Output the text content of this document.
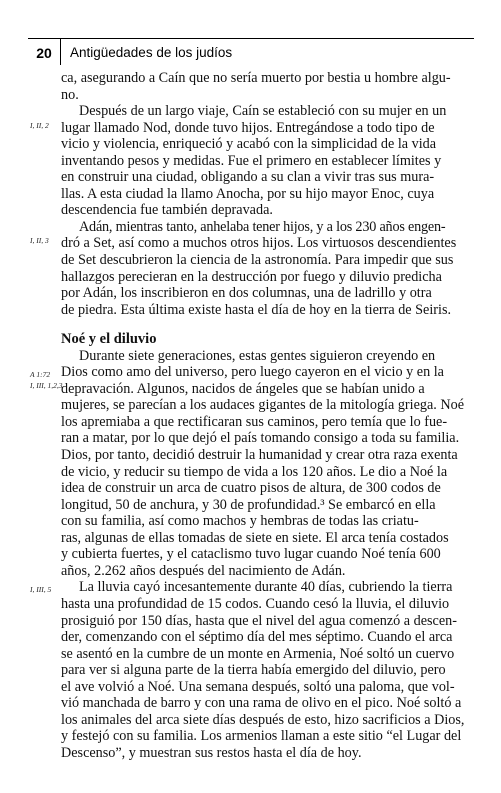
20	Antigüedades de los judíos
I, II, 2
I, II, 3
A 1:72
I, III, 1,2,3
I, III, 5
ca, asegurando a Caín que no sería muerto por bestia u hombre algu-
no.
Después de un largo viaje, Caín se estableció con su mujer en un
lugar llamado Nod, donde tuvo hijos. Entregándose a todo tipo de
vicio y violencia, enriqueció y acabó con la simplicidad de la vida
inventando pesos y medidas. Fue el primero en establecer límites y
en construir una ciudad, obligando a su clan a vivir tras sus mura-
llas. A esta ciudad la llamo Anocha, por su hijo mayor Enoc, cuya
descendencia fue también depravada.
Adán, mientras tanto, anhelaba tener hijos, y a los 230 años engen-
dró a Set, así como a muchos otros hijos. Los virtuosos descendientes
de Set descubrieron la ciencia de la astronomía. Para impedir que sus
hallazgos perecieran en la destrucción por fuego y diluvio predicha
por Adán, los inscribieron en dos columnas, una de ladrillo y otra
de piedra. Esta última existe hasta el día de hoy en la tierra de Seiris.
Noé y el diluvio
Durante siete generaciones, estas gentes siguieron creyendo en
Dios como amo del universo, pero luego cayeron en el vicio y en la
depravación. Algunos, nacidos de ángeles que se habían unido a
mujeres, se parecían a los audaces gigantes de la mitología griega. Noé
los apremiaba a que rectificaran sus caminos, pero temía que lo fue-
ran a matar, por lo que dejó el país tomando consigo a toda su familia.
Dios, por tanto, decidió destruir la humanidad y crear otra raza exenta
de vicio, y reducir su tiempo de vida a los 120 años. Le dio a Noé la
idea de construir un arca de cuatro pisos de altura, de 300 codos de
longitud, 50 de anchura, y 30 de profundidad.³ Se embarcó en ella
con su familia, así como machos y hembras de todas las criatu-
ras, algunas de ellas tomadas de siete en siete. El arca tenía costados
y cubierta fuertes, y el cataclismo tuvo lugar cuando Noé tenía 600
años, 2.262 años después del nacimiento de Adán.
La lluvia cayó incesantemente durante 40 días, cubriendo la tierra
hasta una profundidad de 15 codos. Cuando cesó la lluvia, el diluvio
prosiguió por 150 días, hasta que el nivel del agua comenzó a descen-
der, comenzando con el séptimo día del mes séptimo. Cuando el arca
se asentó en la cumbre de un monte en Armenia, Noé soltó un cuervo
para ver si alguna parte de la tierra había emergido del diluvio, pero
el ave volvió a Noé. Una semana después, soltó una paloma, que vol-
vió manchada de barro y con una rama de olivo en el pico. Noé soltó a
los animales del arca siete días después de esto, hizo sacrificios a Dios,
y festejó con su familia. Los armenios llaman a este sitio “el Lugar del
Descenso”, y muestran sus restos hasta el día de hoy.
